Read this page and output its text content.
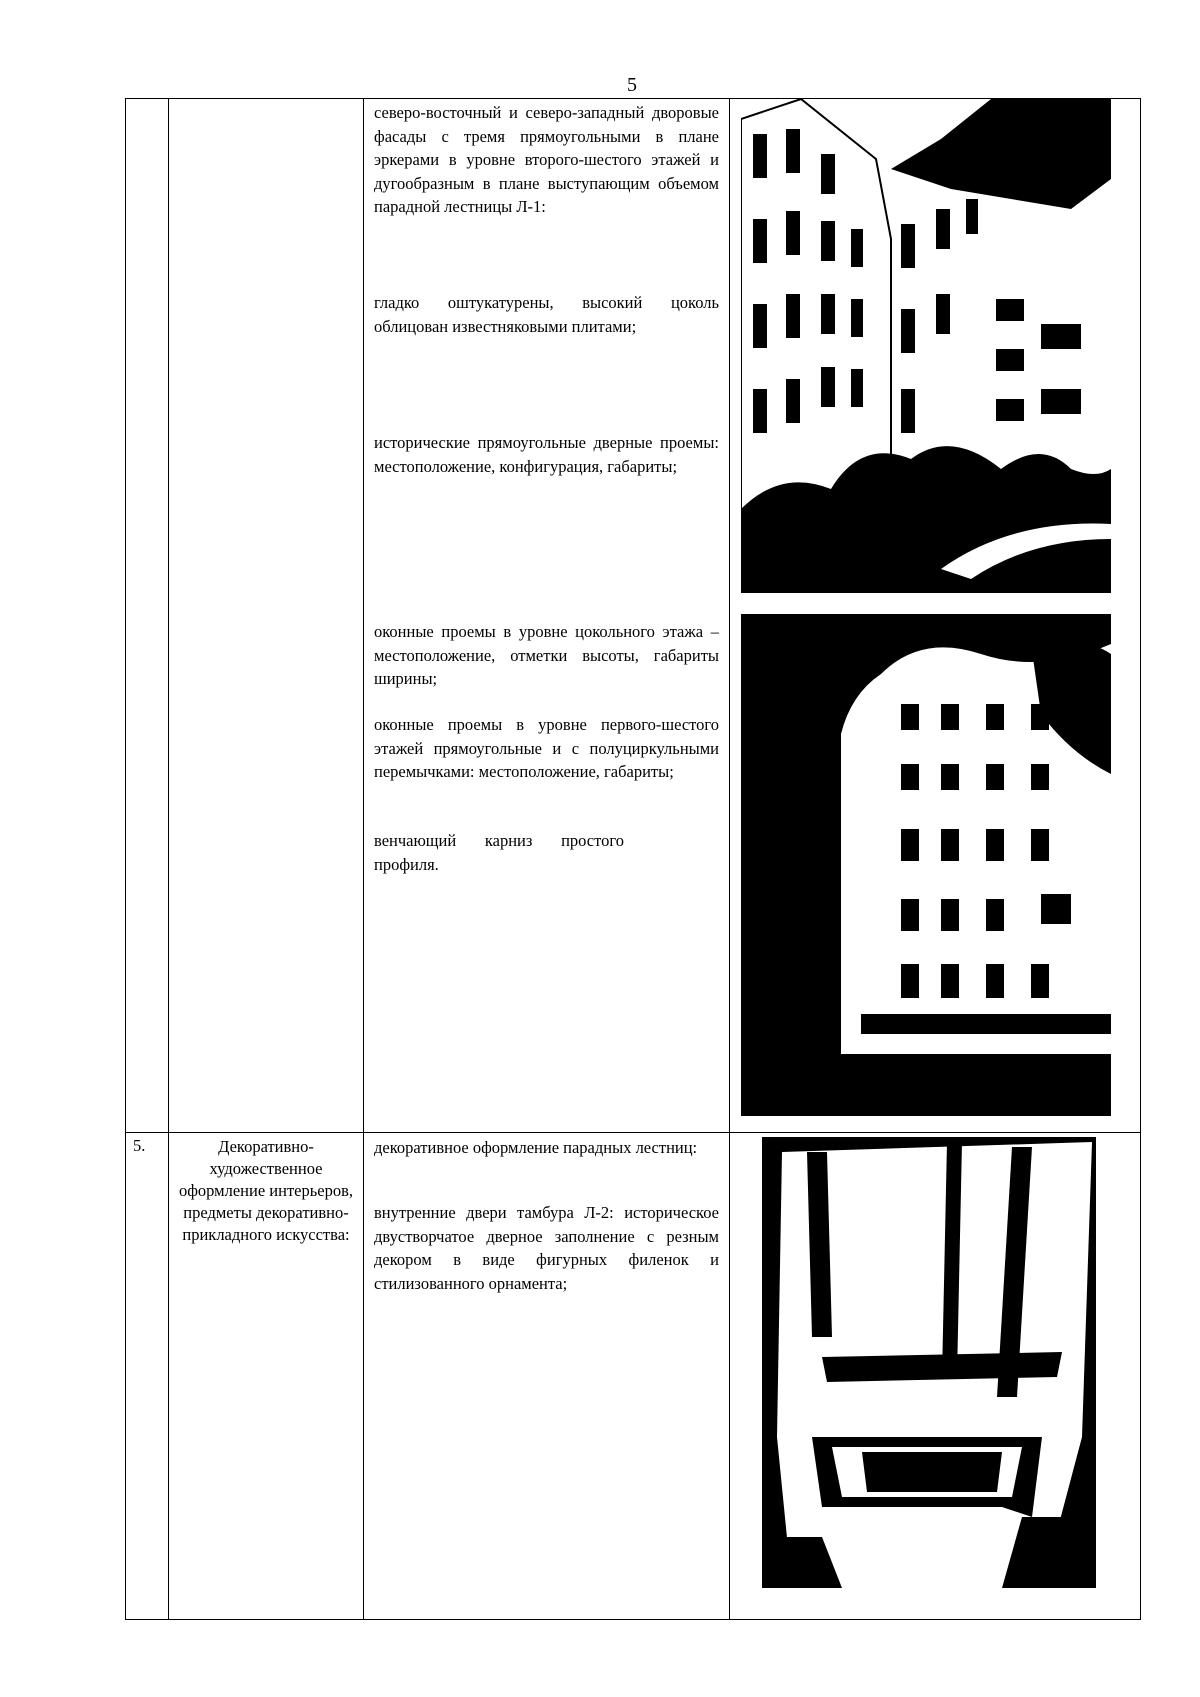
5

северо-восточный и северо-западный дворовые фасады с тремя прямоугольными в плане эркерами в уровне второго-шестого этажей и дугообразным в плане выступающим объемом парадной лестницы Л-1:

гладко оштукатурены, высокий цоколь облицован известняковыми плитами;

исторические прямоугольные дверные проемы: местоположение, конфигурация, габариты;

оконные проемы в уровне цокольного этажа – местоположение, отметки высоты, габариты ширины;

оконные проемы в уровне первого-шестого этажей прямоугольные и с полуциркульными перемычками: местоположение, габариты;

венчающий карниз простого профиля.

5.	Декоративно-художественное оформление интерьеров, предметы декоративно-прикладного искусства:

декоративное оформление парадных лестниц:

внутренние двери тамбура Л-2: историческое двустворчатое дверное заполнение с резным декором в виде фигурных филенок и стилизованного орнамента;
